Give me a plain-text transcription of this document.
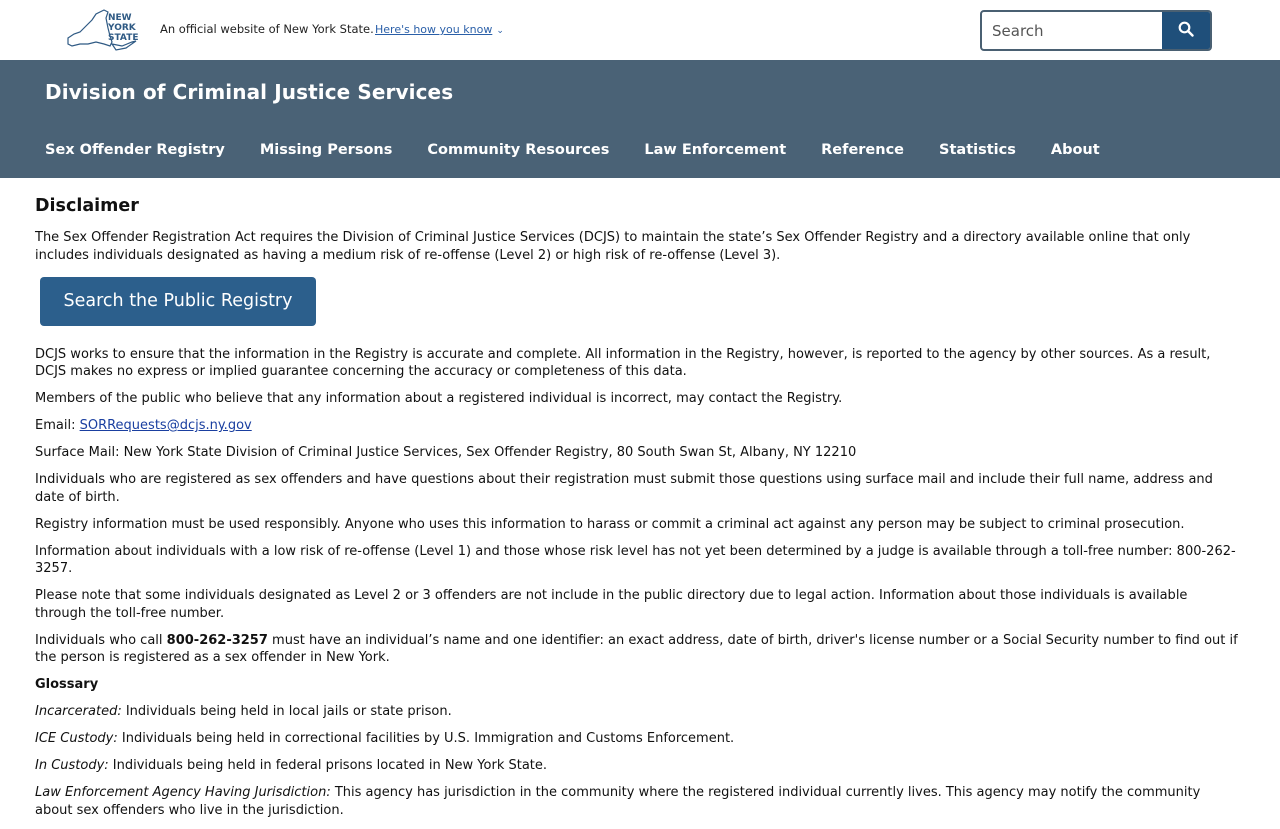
NEW
YORK
STATE
An official website of New York State. Here's how you know ⌄
Search
Division of Criminal Justice Services
Sex Offender Registry Missing Persons Community Resources Law Enforcement Reference Statistics About
Disclaimer

The Sex Offender Registration Act requires the Division of Criminal Justice Services (DCJS) to maintain the state’s Sex Offender Registry and a directory available online that only includes individuals designated as having a medium risk of re-offense (Level 2) or high risk of re-offense (Level 3).

Search the Public Registry

DCJS works to ensure that the information in the Registry is accurate and complete. All information in the Registry, however, is reported to the agency by other sources. As a result, DCJS makes no express or implied guarantee concerning the accuracy or completeness of this data.

Members of the public who believe that any information about a registered individual is incorrect, may contact the Registry.

Email: SORRequests@dcjs.ny.gov

Surface Mail: New York State Division of Criminal Justice Services, Sex Offender Registry, 80 South Swan St, Albany, NY 12210

Individuals who are registered as sex offenders and have questions about their registration must submit those questions using surface mail and include their full name, address and date of birth.

Registry information must be used responsibly. Anyone who uses this information to harass or commit a criminal act against any person may be subject to criminal prosecution.

Information about individuals with a low risk of re-offense (Level 1) and those whose risk level has not yet been determined by a judge is available through a toll-free number: 800-262-3257.

Please note that some individuals designated as Level 2 or 3 offenders are not include in the public directory due to legal action. Information about those individuals is available through the toll-free number.

Individuals who call 800-262-3257 must have an individual’s name and one identifier: an exact address, date of birth, driver's license number or a Social Security number to find out if the person is registered as a sex offender in New York.

Glossary

Incarcerated: Individuals being held in local jails or state prison.

ICE Custody: Individuals being held in correctional facilities by U.S. Immigration and Customs Enforcement.

In Custody: Individuals being held in federal prisons located in New York State.

Law Enforcement Agency Having Jurisdiction: This agency has jurisdiction in the community where the registered individual currently lives. This agency may notify the community about sex offenders who live in the jurisdiction.
